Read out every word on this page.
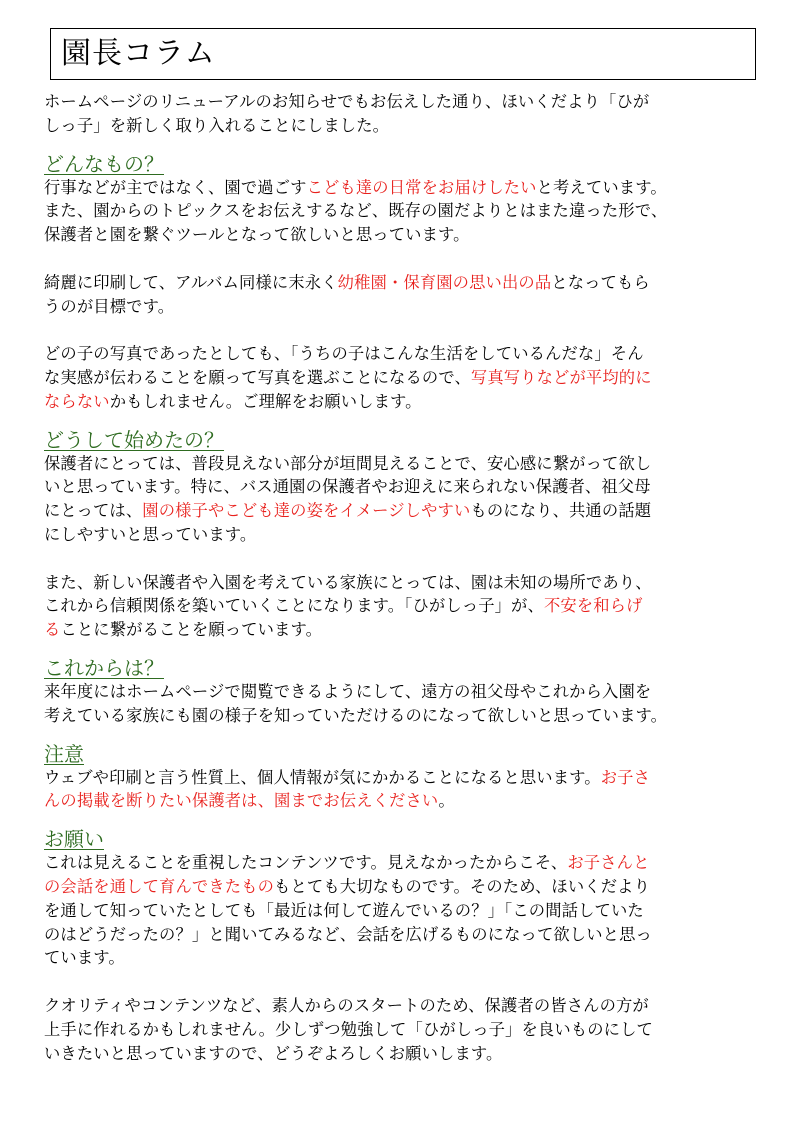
園長コラム

ホームページのリニューアルのお知らせでもお伝えした通り、ほいくだより「ひが

しっ子」を新しく取り入れることにしました。

どんなもの？

行事などが主ではなく、園で過ごすこども達の日常をお届けしたいと考えています。

また、園からのトピックスをお伝えするなど、既存の園だよりとはまた違った形で、

保護者と園を繋ぐツールとなって欲しいと思っています。

綺麗に印刷して、アルバム同様に末永く幼稚園・保育園の思い出の品となってもら

うのが目標です。

どの子の写真であったとしても、「うちの子はこんな生活をしているんだな」そん

な実感が伝わることを願って写真を選ぶことになるので、写真写りなどが平均的に

ならないかもしれません。ご理解をお願いします。

どうして始めたの？

保護者にとっては、普段見えない部分が垣間見えることで、安心感に繋がって欲し

いと思っています。特に、バス通園の保護者やお迎えに来られない保護者、祖父母

にとっては、園の様子やこども達の姿をイメージしやすいものになり、共通の話題

にしやすいと思っています。

また、新しい保護者や入園を考えている家族にとっては、園は未知の場所であり、

これから信頼関係を築いていくことになります。「ひがしっ子」が、不安を和らげ

ることに繋がることを願っています。

これからは？

来年度にはホームページで閲覧できるようにして、遠方の祖父母やこれから入園を

考えている家族にも園の様子を知っていただけるのになって欲しいと思っています。

注意

ウェブや印刷と言う性質上、個人情報が気にかかることになると思います。お子さ

んの掲載を断りたい保護者は、園までお伝えください。

お願い

これは見えることを重視したコンテンツです。見えなかったからこそ、お子さんと

の会話を通して育んできたものもとても大切なものです。そのため、ほいくだより

を通して知っていたとしても「最近は何して遊んでいるの？」「この間話していた

のはどうだったの？」と聞いてみるなど、会話を広げるものになって欲しいと思っ

ています。

クオリティやコンテンツなど、素人からのスタートのため、保護者の皆さんの方が

上手に作れるかもしれません。少しずつ勉強して「ひがしっ子」を良いものにして

いきたいと思っていますので、どうぞよろしくお願いします。
